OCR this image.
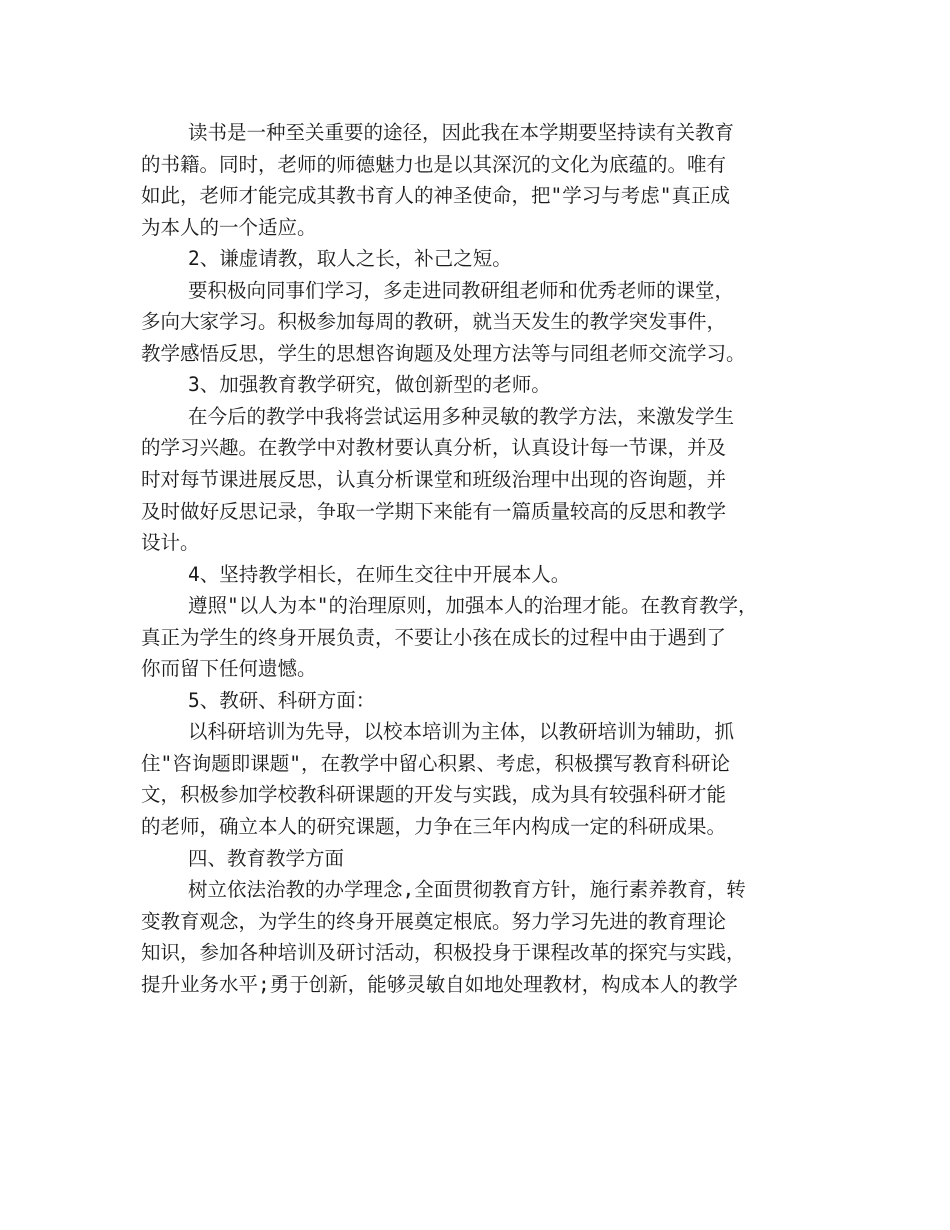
读书是一种至关重要的途径，因此我在本学期要坚持读有关教育
的书籍。同时，老师的师德魅力也是以其深沉的文化为底蕴的。唯有
如此，老师才能完成其教书育人的神圣使命，把"学习与考虑"真正成
为本人的一个适应。
2、谦虚请教，取人之长，补己之短。
要积极向同事们学习，多走进同教研组老师和优秀老师的课堂，
多向大家学习。积极参加每周的教研，就当天发生的教学突发事件，
教学感悟反思，学生的思想咨询题及处理方法等与同组老师交流学习。
3、加强教育教学研究，做创新型的老师。
在今后的教学中我将尝试运用多种灵敏的教学方法，来激发学生
的学习兴趣。在教学中对教材要认真分析，认真设计每一节课，并及
时对每节课进展反思，认真分析课堂和班级治理中出现的咨询题，并
及时做好反思记录，争取一学期下来能有一篇质量较高的反思和教学
设计。
4、坚持教学相长，在师生交往中开展本人。
遵照"以人为本"的治理原则，加强本人的治理才能。在教育教学，
真正为学生的终身开展负责，不要让小孩在成长的过程中由于遇到了
你而留下任何遗憾。
5、教研、科研方面：
以科研培训为先导，以校本培训为主体，以教研培训为辅助，抓
住"咨询题即课题"，在教学中留心积累、考虑，积极撰写教育科研论
文，积极参加学校教科研课题的开发与实践，成为具有较强科研才能
的老师，确立本人的研究课题，力争在三年内构成一定的科研成果。
四、教育教学方面
树立依法治教的办学理念,全面贯彻教育方针，施行素养教育，转
变教育观念，为学生的终身开展奠定根底。努力学习先进的教育理论
知识，参加各种培训及研讨活动，积极投身于课程改革的探究与实践，
提升业务水平;勇于创新，能够灵敏自如地处理教材，构成本人的教学
